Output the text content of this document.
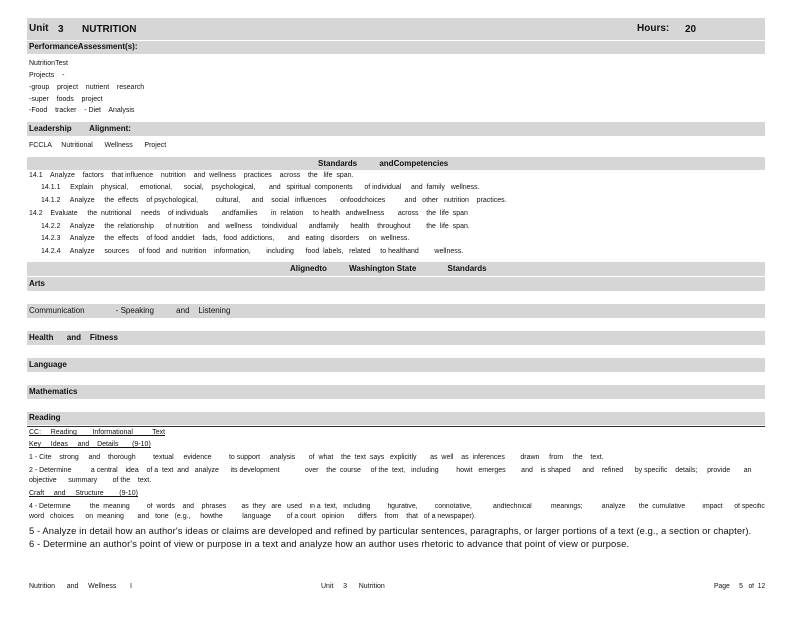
Unit 3 NUTRITION	Hours: 20
PerformanceAssessment(s):
NutritionTest
Projects    -
-group    project    nutrient    research
-super    foods    project
-Food    tracker    - Diet    Analysis
Leadership        Alignment:
FCCLA     Nutritional      Wellness      Project
Standards          andCompetencies
14.1    Analyze    factors    that influence    nutrition    and  wellness    practices    across    the   life  span.
14.1.1     Explain    physical,      emotional,      social,    psychological,       and   spiritual  components      of individual     and  family   wellness.
14.1.2     Analyze     the  effects    of psychological,         cultural,      and    social   influences       onfoodchoices          and   other   nutrition    practices.
14.2    Evaluate     the  nutritional     needs    of individuals       andfamilies       in  relation     to health   andwellness       across    the  life  span
14.2.2     Analyze     the  relationship      of nutrition     and   wellness     toindividual      andfamily      health    throughout        the  life  span.
14.2.3     Analyze     the  effects    of food  anddiet    fads,   food  addictions,       and   eating   disorders     on  wellness.
14.2.4     Analyze     sources     of food   and  nutrition    information,        including      food  labels,   related     to healthand        wellness.
Alignedto          Washington State              Standards
Arts
Communication              - Speaking          and    Listening
Health      and    Fitness
Language
Mathematics
Reading
CC:     Reading        Informational          Text
Key     Ideas     and    Details       (9-10)
1 - Cite    strong     and    thorough         textual     evidence         to support     analysis       of  what    the  text  says   explicitly       as  well    as  inferences        drawn     from     the    text.
2 - Determine          a central    idea    of a  text  and   analyze      its development             over    the  course     of the  text,   including         howit   emerges        and    is shaped      and    refined      by specific    details;     provide       an
objective      summary        of the    text.
Craft     and     Structure        (9-10)
4 - Determine          the  meaning         of  words    and    phrases        as  they   are   used    in a  text,   including         figurative,         connotative,           andtechnical          meanings;          analyze       the  cumulative         impact      of specific
word   choices      on  meaning       and   tone   (e.g.,     howthe          language        of a court   opinion       differs    from    that   of a newspaper).
5 - Analyze in detail how an author's ideas or claims are developed and refined by particular sentences, paragraphs, or larger portions of a text (e.g., a section or chapter).
6 - Determine an author's point of view or purpose in a text and analyze how an author uses rhetoric to advance that point of view or purpose.
Nutrition      and     Wellness       I	Unit     3      Nutrition	Page     5   of  12
